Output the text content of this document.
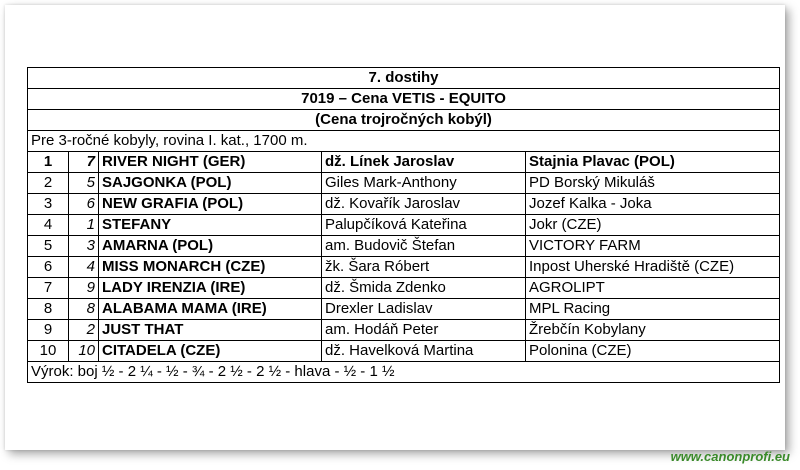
7. dostihy				
7019 – Cena VETIS - EQUITO				
(Cena trojročných kobýl)				
Pre 3-ročné kobyly, rovina I. kat., 1700 m.				
1	7	RIVER NIGHT (GER)	dž. Línek Jaroslav	Stajnia Plavac (POL)
2	5	SAJGONKA (POL)	Giles Mark-Anthony	PD Borský Mikuláš
3	6	NEW GRAFIA (POL)	dž. Kovařík Jaroslav	Jozef Kalka - Joka
4	1	STEFANY	Palupčíková Kateřina	Jokr (CZE)
5	3	AMARNA (POL)	am. Budovič Štefan	VICTORY FARM
6	4	MISS MONARCH (CZE)	žk. Šara Róbert	Inpost Uherské Hradiště (CZE)
7	9	LADY IRENZIA (IRE)	dž. Šmida Zdenko	AGROLIPT
8	8	ALABAMA MAMA (IRE)	Drexler Ladislav	MPL Racing
9	2	JUST THAT	am. Hodáň Peter	Žrebčín Kobylany
10	10	CITADELA (CZE)	dž. Havelková Martina	Polonina (CZE)
Výrok: boj ½ - 2 ¼ - ½ - ¾ - 2 ½ - 2 ½ - hlava - ½ - 1 ½				
www.canonprofi.eu
